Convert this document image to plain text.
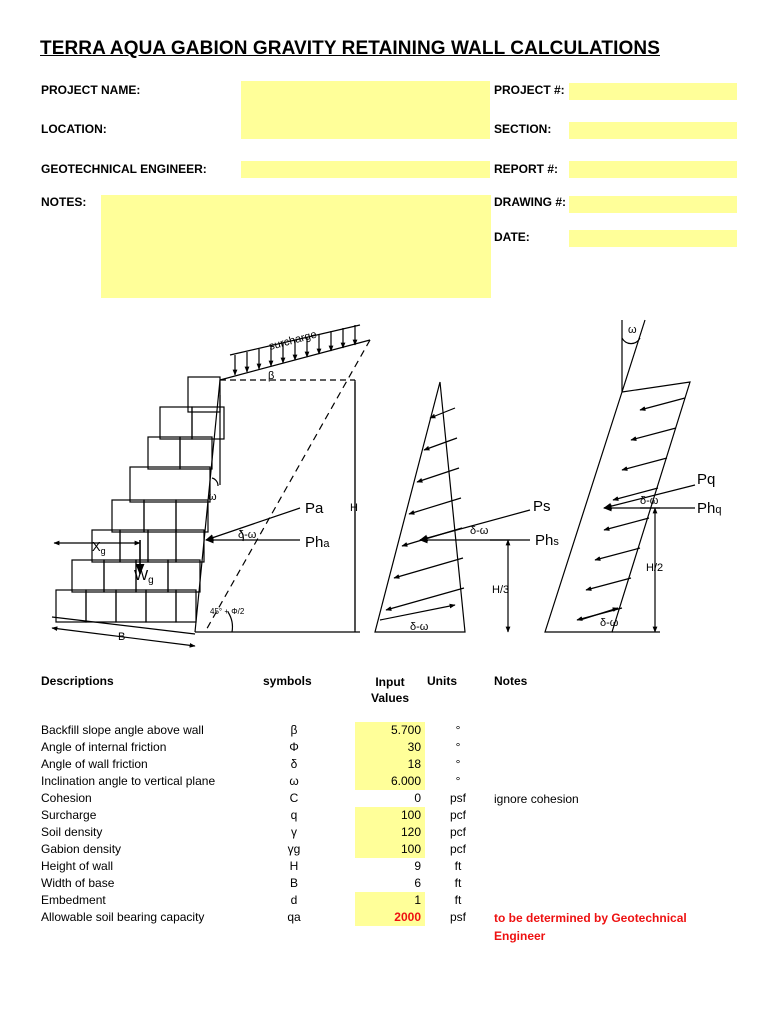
TERRA AQUA GABION GRAVITY RETAINING WALL CALCULATIONS
PROJECT NAME:
LOCATION:
GEOTECHNICAL ENGINEER:
NOTES:
PROJECT #:
SECTION:
REPORT #:
DRAWING #:
DATE:
surcharge
β
ω
Pa
Pha
δ-ω
H
$X_g$
$W_g$
B
45° + Φ/2
Ps
Phs
δ-ω
H/3
δ-ω
ω
Pq
Phq
δ-ω
H/2
δ-ω
Descriptions	symbols	Input
Values
Units	Notes
Backfill slope angle above wall	β	5.700	°
Angle of internal friction	Φ	30	°
Angle of wall friction	δ	18	°
Inclination angle to vertical plane	ω	6.000	°
Cohesion	C	0	psf	ignore cohesion
Surcharge	q	100	pcf
Soil density	γ	120	pcf
Gabion density	γg	100	pcf
Height of wall	H	9	ft
Width of base	B	6	ft
Embedment	d	1	ft
Allowable soil bearing capacity	qa	2000	psf	to be determined by Geotechnical Engineer
